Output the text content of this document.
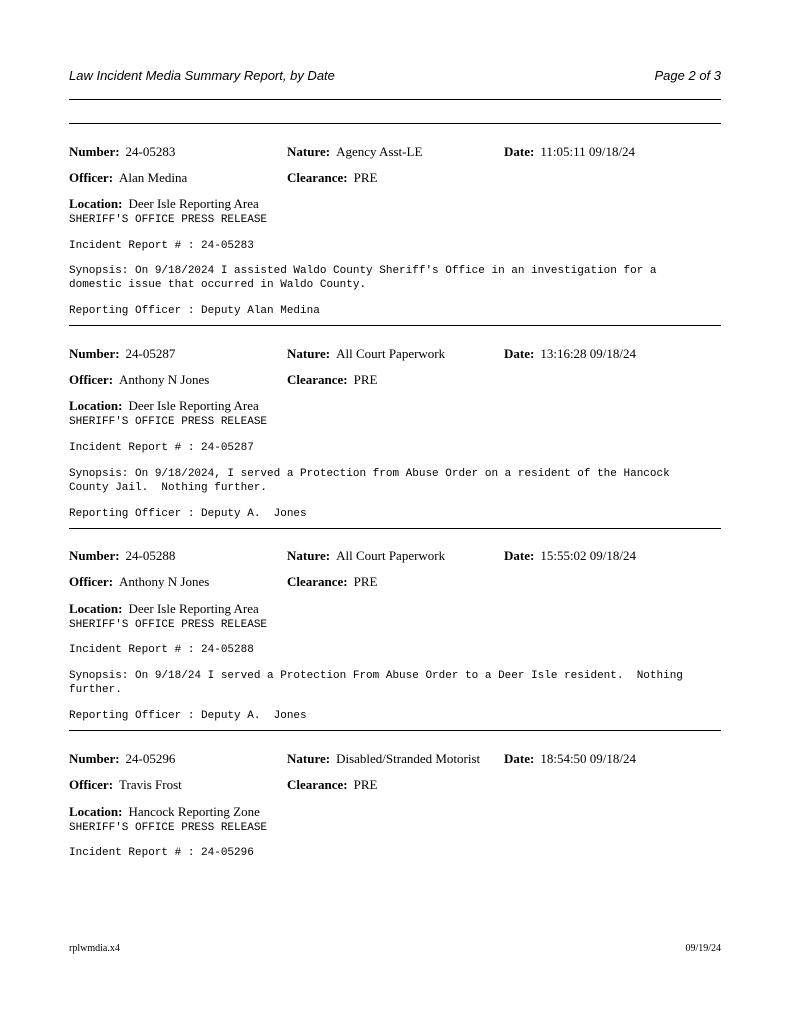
Law Incident Media Summary Report, by Date	Page 2 of 3
Number: 24-05283	Nature: Agency Asst-LE	Date: 11:05:11 09/18/24
Officer: Alan Medina	Clearance: PRE
Location: Deer Isle Reporting Area
SHERIFF'S OFFICE PRESS RELEASE
Incident Report # : 24-05283
Synopsis: On 9/18/2024 I assisted Waldo County Sheriff's Office in an investigation for a
domestic issue that occurred in Waldo County.
Reporting Officer : Deputy Alan Medina
Number: 24-05287	Nature: All Court Paperwork	Date: 13:16:28 09/18/24
Officer: Anthony N Jones	Clearance: PRE
Location: Deer Isle Reporting Area
SHERIFF'S OFFICE PRESS RELEASE
Incident Report # : 24-05287
Synopsis: On 9/18/2024, I served a Protection from Abuse Order on a resident of the Hancock
County Jail.  Nothing further.
Reporting Officer : Deputy A.  Jones
Number: 24-05288	Nature: All Court Paperwork	Date: 15:55:02 09/18/24
Officer: Anthony N Jones	Clearance: PRE
Location: Deer Isle Reporting Area
SHERIFF'S OFFICE PRESS RELEASE
Incident Report # : 24-05288
Synopsis: On 9/18/24 I served a Protection From Abuse Order to a Deer Isle resident.  Nothing
further.
Reporting Officer : Deputy A.  Jones
Number: 24-05296	Nature: Disabled/Stranded Motorist Date: 18:54:50 09/18/24
Officer: Travis Frost	Clearance: PRE
Location: Hancock Reporting Zone
SHERIFF'S OFFICE PRESS RELEASE
Incident Report # : 24-05296
rplwmdia.x4	09/19/24
